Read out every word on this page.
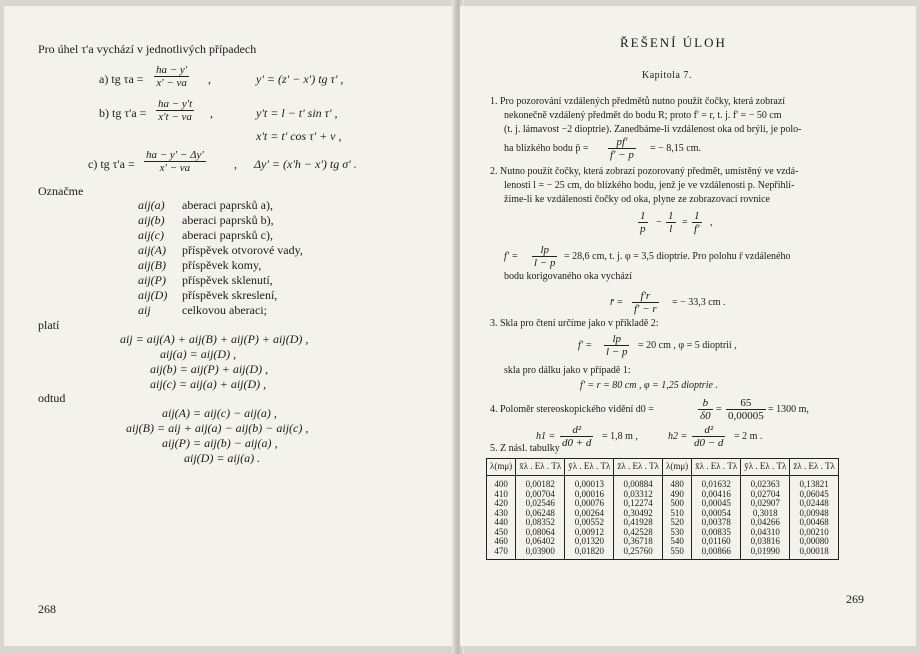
Pro úhel τ'a vychází v jednotlivých případech
a) tg $\tau a = \frac{ha - y'}{x' - va}$ ,	y' = (z' − x') tg τ' ,
b) tg $\tau'a = \frac{ha - y't}{x't - va}$ ,	y't = l − t' sin τ' ,
x't = t' cos τ' + v ,
c) tg $\tau'a = \frac{ha - y' - \Delta y'}{x' - va}$ , Δy' = (x'h − x') tg σ' .
Označme
aij(a) aberaci paprsků a),
aij(b) aberaci paprsků b),
aij(c) aberaci paprsků c),
aij(A) příspěvek otvorové vady,
aij(B) příspěvek komy,
aij(P) příspěvek sklenutí,
aij(D) příspěvek skreslení,
aij	celkovou aberaci;
platí
aij = aij(A) + aij(B) + aij(P) + aij(D) ,
aij(a) = aij(D) ,
aij(b) = aij(P) + aij(D) ,
aij(c) = aij(a) + aij(D) ,
odtud
aij(A) = aij(c) − aij(a) ,
aij(B) = aij + aij(a) − aij(b) − aij(c) ,
aij(P) = aij(b) − aij(a) ,
aij(D) = aij(a) .
268
ŘEŠENÍ ÚLOH
Kapitola 7.
1. Pro pozorování vzdálených předmětů nutno použít čočky, která zobrazí
nekonečně vzdálený předmět do bodu R; proto f' = r, t. j. f' = − 50 cm
(t. j. lámavost −2 dioptrie). Zanedbáme-li vzdálenost oka od brýlí, je polo-
ha blízkého bodu p̄ = $\frac{pf'}{f' - p}$ = − 8,15 cm.
2. Nutno použít čočky, která zobrazí pozorovaný předmět, umístěný ve vzdá-
lenosti l = − 25 cm, do blízkého bodu, jenž je ve vzdálenosti p. Nepřihlí-
žíme-li ke vzdálenosti čočky od oka, plyne ze zobrazovací rovnice
$\frac{1}{p} - \frac{1}{l} = \frac{1}{f'}$ ,
$f' = \frac{lp}{l - p} = 28,6$ cm, t. j. φ = 3,5 dioptrie. Pro polohu r̄ vzdáleného
bodu korigovaného oka vychází
r̄ = $\frac{f'r}{f' - r}$ = − 33,3 cm .
3. Skla pro čtení určíme jako v příkladě 2:
$f' = \frac{lp}{l - p} = 20$ cm , φ = 5 dioptrií ,
skla pro dálku jako v případě 1:
f' = r = 80 cm , φ = 1,25 dioptrie .
4. Poloměr stereoskopického vidění d0 =	$\frac{b}{\delta 0} = \frac{65}{0,00005} = 1300$ m,
$h1 = \frac{\text{d²}}{d0 + d} = 1,8$ m ,	$h2 = \frac{\text{d²}}{d0 - d} = 2$ m .
5. Z násl. tabulky
λ(mμ)	x̄λ . Eλ . Tλ	ȳλ . Eλ . Tλ	z̄λ . Eλ . Tλ	λ(mμ)	x̄λ . Eλ . Tλ	ȳλ . Eλ . Tλ	z̄λ . Eλ . Tλ
400	0,00182	0,00013	0,00884	480	0,01632	0,02363	0,13821
410	0,00704	0,00016	0,03312	490	0,00416	0,02704	0,06045
420	0,02546	0,00076	0,12274	500	0,00045	0,02907	0,02448
430	0,06248	0,00264	0,30492	510	0,00054	0,3018	0,00948
440	0,08352	0,00552	0,41928	520	0,00378	0,04266	0,00468
450	0,08064	0,00912	0,42528	530	0,00835	0,04310	0,00210
460	0,06402	0,01320	0,36718	540	0,01160	0,03816	0,00080
470	0,03900	0,01820	0,25760	550	0,00866	0,01990	0,00018
269
